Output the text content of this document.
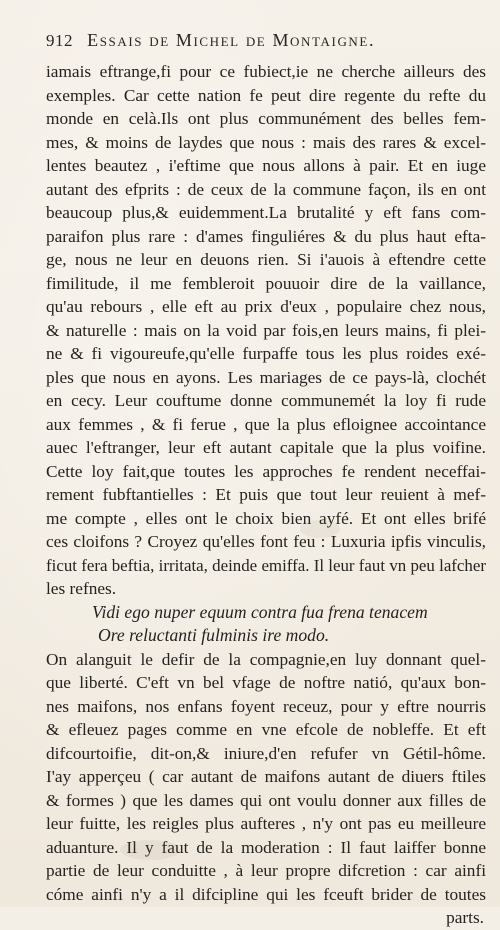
912 Essais de Michel de Montaigne.
iamais eftrange,fi pour ce fubiect,ie ne cherche ailleurs des
exemples. Car cette nation fe peut dire regente du refte du
monde en celà.Ils ont plus communément des belles fem-
mes, & moins de laydes que nous : mais des rares & excel-
lentes beautez , i'eftime que nous allons à pair. Et en iuge
autant des efprits : de ceux de la commune façon, ils en ont
beaucoup plus,& euidemment.La brutalité y eft fans com-
paraifon plus rare : d'ames finguliéres & du plus haut efta-
ge, nous ne leur en deuons rien. Si i'auois à eftendre cette
fimilitude, il me fembleroit pouuoir dire de la vaillance,
qu'au rebours , elle eft au prix d'eux , populaire chez nous,
& naturelle : mais on la void par fois,en leurs mains, fi plei-
ne & fi vigoureufe,qu'elle furpaffe tous les plus roides exé-
ples que nous en ayons. Les mariages de ce pays-là, clochét
en cecy. Leur couftume donne communemét la loy fi rude
aux femmes , & fi ferue , que la plus efloignee accointance
auec l'eftranger, leur eft autant capitale que la plus voifine.
Cette loy fait,que toutes les approches fe rendent neceffai-
rement fubftantielles : Et puis que tout leur reuient à mef-
me compte , elles ont le choix bien ayfé. Et ont elles brifé
ces cloifons ? Croyez qu'elles font feu : Luxuria ipfis vinculis,
ficut fera beftia, irritata, deinde emiffa. Il leur faut vn peu lafcher
les refnes.
Vidi ego nuper equum contra fua frena tenacem
Ore reluctanti fulminis ire modo.
On alanguit le defir de la compagnie,en luy donnant quel-
que liberté. C'eft vn bel vfage de noftre natió, qu'aux bon-
nes maifons, nos enfans foyent receuz, pour y eftre nourris
& efleuez pages comme en vne efcole de nobleffe. Et eft
difcourtoifie, dit-on,& iniure,d'en refufer vn Gétil-hôme.
I'ay apperçeu ( car autant de maifons autant de diuers ftiles
& formes ) que les dames qui ont voulu donner aux filles de
leur fuitte, les reigles plus aufteres , n'y ont pas eu meilleure
aduanture. Il y faut de la moderation : Il faut laiffer bonne
partie de leur conduitte , à leur propre difcretion : car ainfi
cóme ainfi n'y a il difcipline qui les fceuft brider de toutes
parts.
